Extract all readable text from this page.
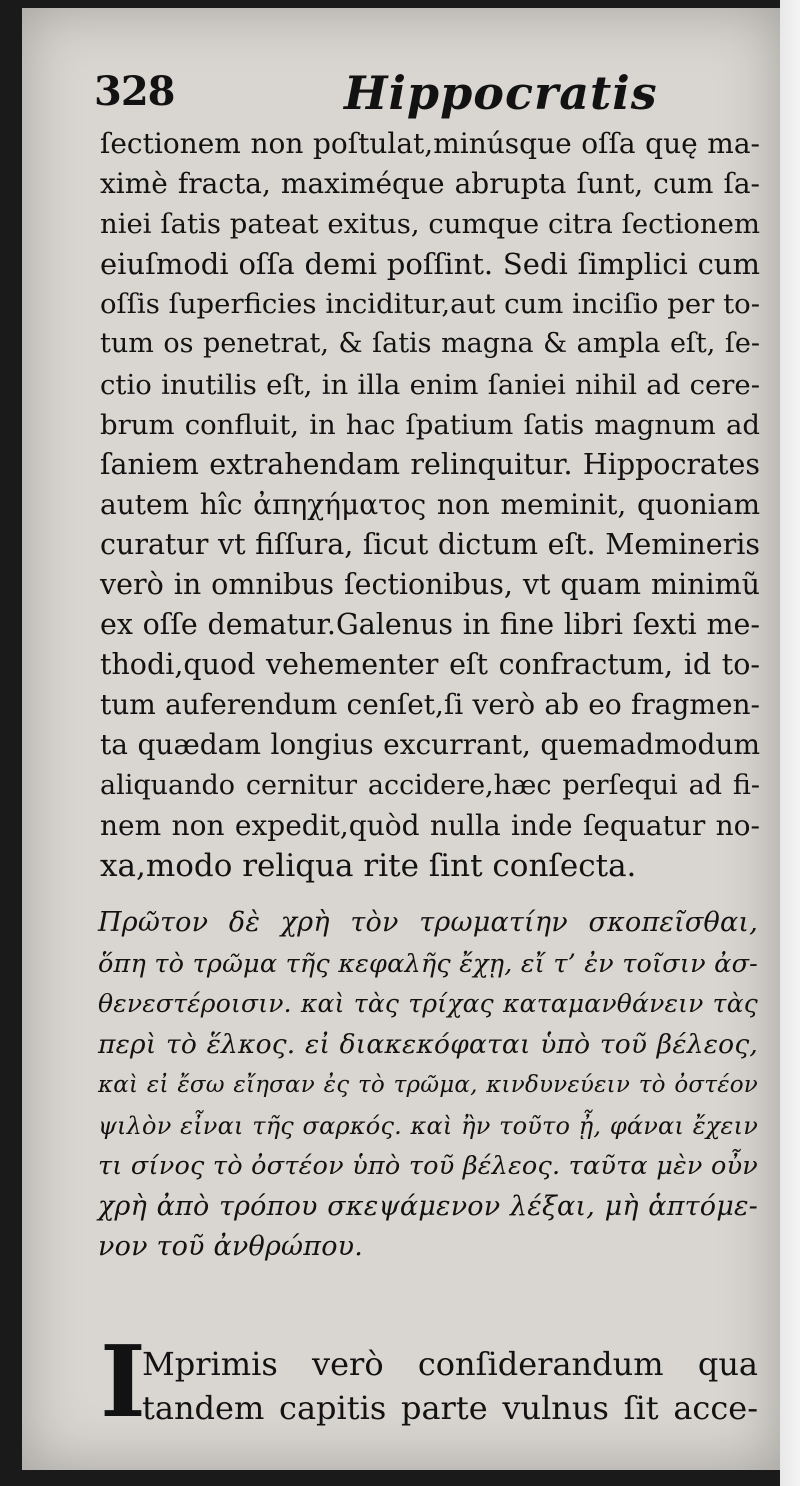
328	Hippocratis
ſectionem non poſtulat,minúsque oſſa quę ma-
ximè fracta, maximéque abrupta ſunt, cum ſa-
niei ſatis pateat exitus, cumque citra ſectionem
eiuſmodi oſſa demi poſſint. Sedi ſimplici cum
oſſis ſuperficies inciditur,aut cum inciſio per to-
tum os penetrat, & ſatis magna & ampla eſt, ſe-
ctio inutilis eſt, in illa enim ſaniei nihil ad cere-
brum confluit, in hac ſpatium ſatis magnum ad
ſaniem extrahendam relinquitur. Hippocrates
autem hîc ἀπηχήματος non meminit, quoniam
curatur vt fiſſura, ſicut dictum eſt. Memineris
verò in omnibus ſectionibus, vt quam minimũ
ex oſſe dematur.Galenus in fine libri ſexti me-
thodi,quod vehementer eſt confractum, id to-
tum auferendum cenſet,ſi verò ab eo fragmen-
ta quædam longius excurrant, quemadmodum
aliquando cernitur accidere,hæc perſequi ad fi-
nem non expedit,quòd nulla inde ſequatur no-
xa,modo reliqua rite ſint conſecta.
Πρῶτον δὲ χρὴ τὸν τρωματίην σκοπεῖσθαι,
ὅπη τὸ τρῶμα τῆς κεφαλῆς ἔχῃ, εἴ τ’ ἐν τοῖσιν ἀσ-
θενεστέροισιν. καὶ τὰς τρίχας καταμανθάνειν τὰς
περὶ τὸ ἕλκος. εἰ διακεκόφαται ὑπὸ τοῦ βέλεος,
καὶ εἰ ἔσω εἴησαν ἐς τὸ τρῶμα, κινδυνεύειν τὸ ὀστέον
ψιλὸν εἶναι τῆς σαρκός. καὶ ἢν τοῦτο ᾖ, φάναι ἔχειν
τι σίνος τὸ ὀστέον ὑπὸ τοῦ βέλεος. ταῦτα μὲν οὖν
χρὴ ἀπὸ τρόπου σκεψάμενον λέξαι, μὴ ἁπτόμε-
νον τοῦ ἀνθρώπου.
I
Mprimis verò conſiderandum qua
tandem capitis parte vulnus ſit acce-
